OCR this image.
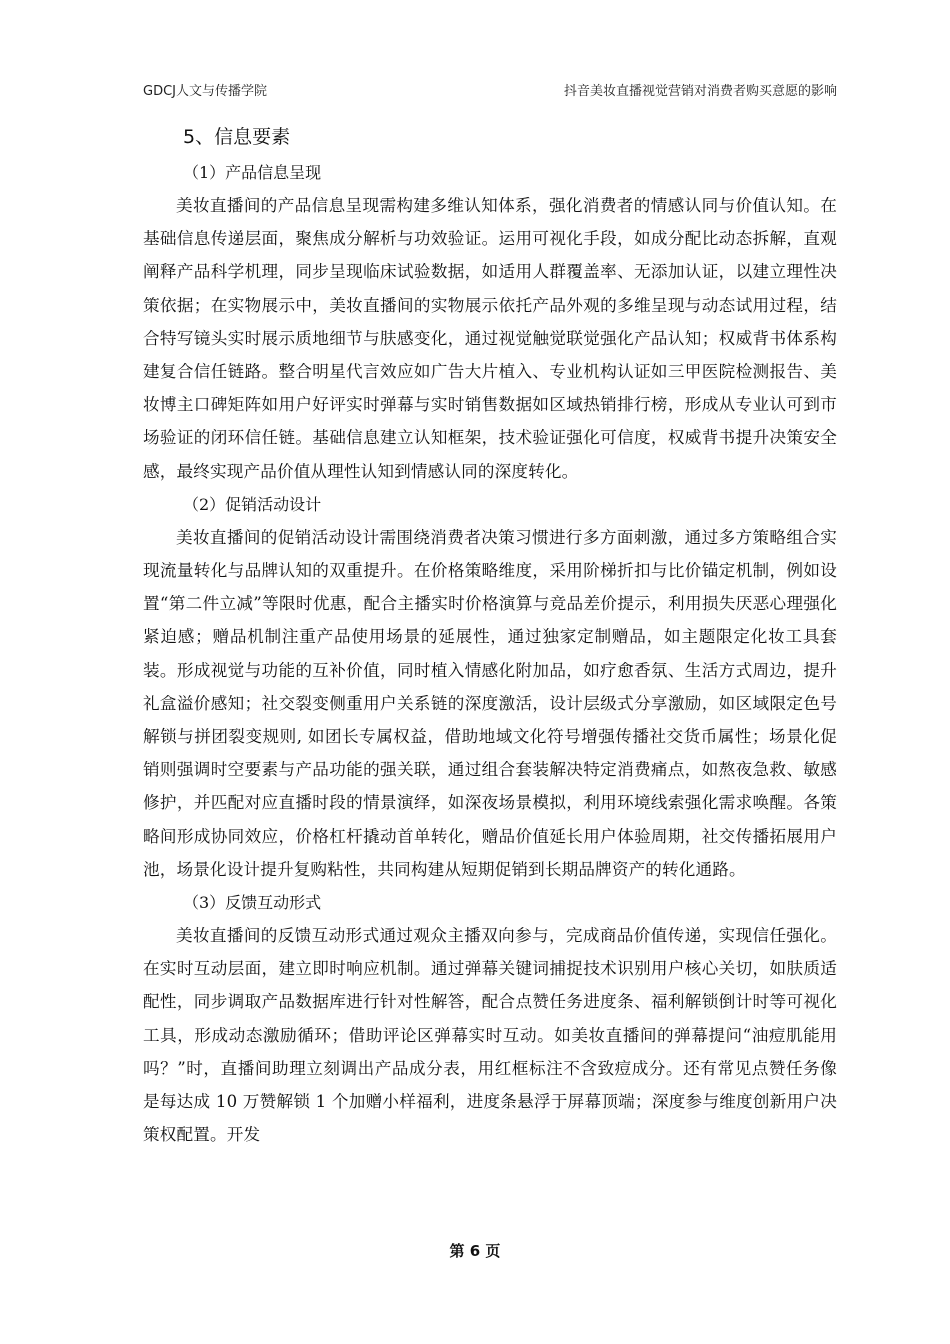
GDCJ人文与传播学院	抖音美妆直播视觉营销对消费者购买意愿的影响
5、信息要素

（1）产品信息呈现

美妆直播间的产品信息呈现需构建多维认知体系，强化消费者的情感认同与价值认知。在基础信息传递层面，聚焦成分解析与功效验证。运用可视化手段，如成分配比动态拆解，直观阐释产品科学机理，同步呈现临床试验数据，如适用人群覆盖率、无添加认证，以建立理性决策依据；在实物展示中，美妆直播间的实物展示依托产品外观的多维呈现与动态试用过程，结合特写镜头实时展示质地细节与肤感变化，通过视觉触觉联觉强化产品认知；权威背书体系构建复合信任链路。整合明星代言效应如广告大片植入、专业机构认证如三甲医院检测报告、美妆博主口碑矩阵如用户好评实时弹幕与实时销售数据如区域热销排行榜，形成从专业认可到市场验证的闭环信任链。基础信息建立认知框架，技术验证强化可信度，权威背书提升决策安全感，最终实现产品价值从理性认知到情感认同的深度转化。

（2）促销活动设计

美妆直播间的促销活动设计需围绕消费者决策习惯进行多方面刺激，通过多方策略组合实现流量转化与品牌认知的双重提升。在价格策略维度，采用阶梯折扣与比价锚定机制，例如设置“第二件立减”等限时优惠，配合主播实时价格演算与竞品差价提示，利用损失厌恶心理强化紧迫感；赠品机制注重产品使用场景的延展性，通过独家定制赠品，如主题限定化妆工具套装。形成视觉与功能的互补价值，同时植入情感化附加品，如疗愈香氛、生活方式周边，提升礼盒溢价感知；社交裂变侧重用户关系链的深度激活，设计层级式分享激励，如区域限定色号解锁与拼团裂变规则, 如团长专属权益，借助地域文化符号增强传播社交货币属性；场景化促销则强调时空要素与产品功能的强关联，通过组合套装解决特定消费痛点，如熬夜急救、敏感修护，并匹配对应直播时段的情景演绎，如深夜场景模拟，利用环境线索强化需求唤醒。各策略间形成协同效应，价格杠杆撬动首单转化，赠品价值延长用户体验周期，社交传播拓展用户池，场景化设计提升复购粘性，共同构建从短期促销到长期品牌资产的转化通路。

（3）反馈互动形式

美妆直播间的反馈互动形式通过观众主播双向参与，完成商品价值传递，实现信任强化。在实时互动层面，建立即时响应机制。通过弹幕关键词捕捉技术识别用户核心关切，如肤质适配性，同步调取产品数据库进行针对性解答，配合点赞任务进度条、福利解锁倒计时等可视化工具，形成动态激励循环；借助评论区弹幕实时互动。如美妆直播间的弹幕提问“油痘肌能用吗？”时，直播间助理立刻调出产品成分表，用红框标注不含致痘成分。还有常见点赞任务像是每达成 10 万赞解锁 1 个加赠小样福利，进度条悬浮于屏幕顶端；深度参与维度创新用户决策权配置。开发

第 6 页
